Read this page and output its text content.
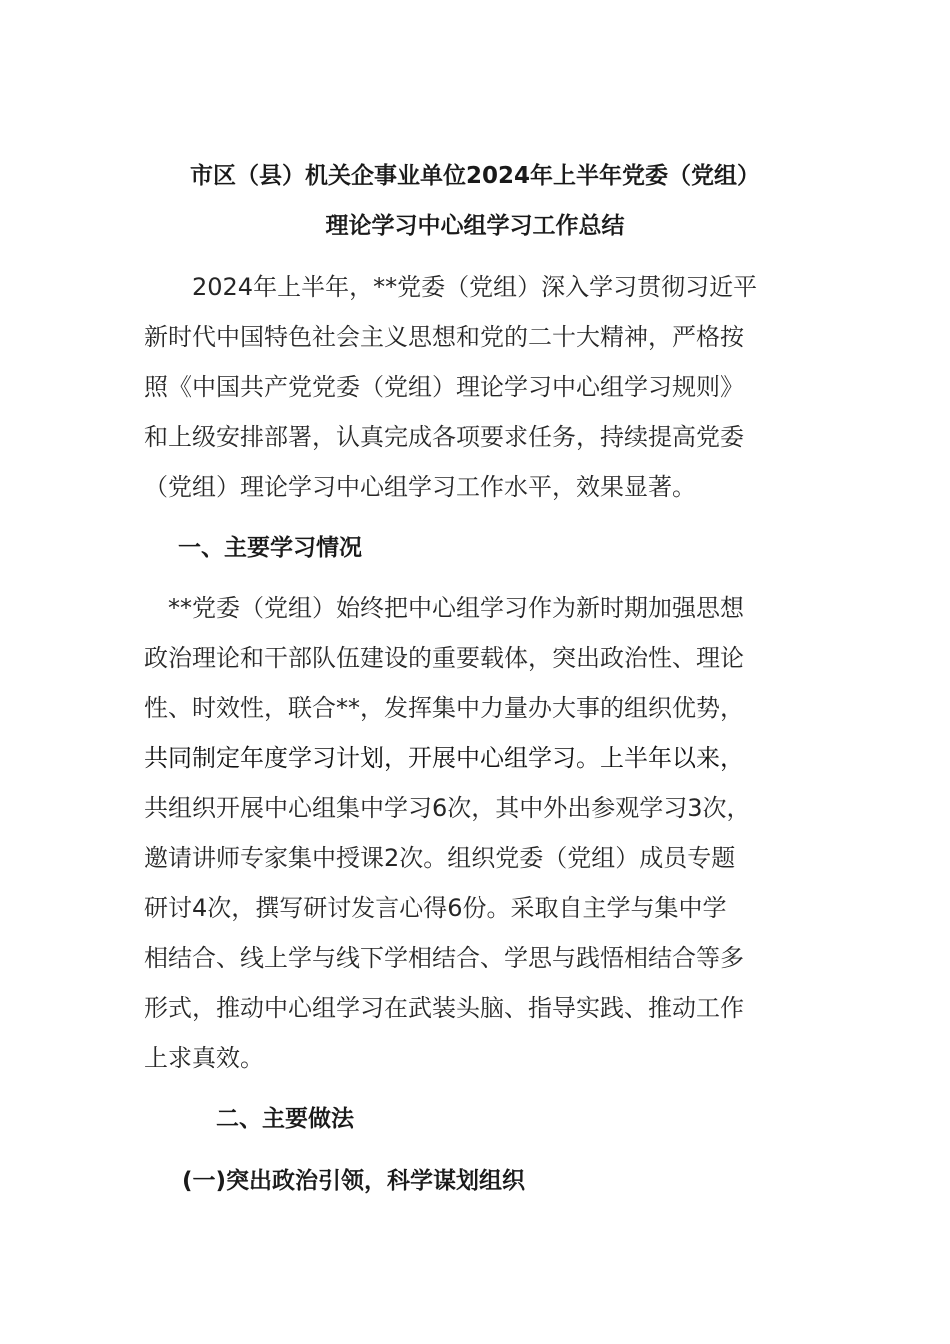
市区（县）机关企事业单位2024年上半年党委（党组）
理论学习中心组学习工作总结
　　2024年上半年，**党委（党组）深入学习贯彻习近平
新时代中国特色社会主义思想和党的二十大精神，严格按
照《中国共产党党委（党组）理论学习中心组学习规则》
和上级安排部署，认真完成各项要求任务，持续提高党委
（党组）理论学习中心组学习工作水平，效果显著。
一、主要学习情况
　**党委（党组）始终把中心组学习作为新时期加强思想
政治理论和干部队伍建设的重要载体，突出政治性、理论
性、时效性，联合**，发挥集中力量办大事的组织优势，
共同制定年度学习计划，开展中心组学习。上半年以来，
共组织开展中心组集中学习6次，其中外出参观学习3次，
邀请讲师专家集中授课2次。组织党委（党组）成员专题
研讨4次，撰写研讨发言心得6份。采取自主学与集中学
相结合、线上学与线下学相结合、学思与践悟相结合等多
形式，推动中心组学习在武装头脑、指导实践、推动工作
上求真效。
二、主要做法
(一)突出政治引领，科学谋划组织
